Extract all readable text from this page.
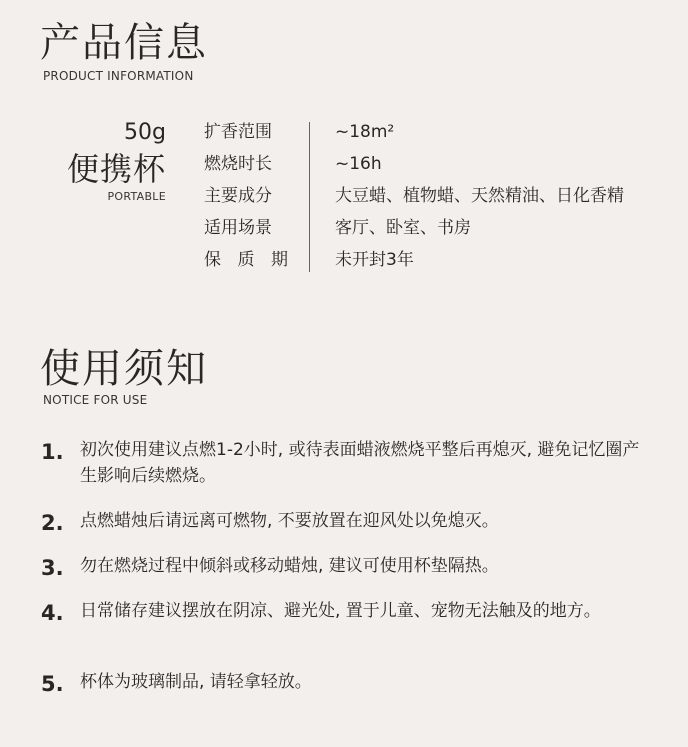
产品信息
PRODUCT INFORMATION
50g
便携杯
PORTABLE
扩香范围	~18m²
燃烧时长	~16h
主要成分	大豆蜡、植物蜡、天然精油、日化香精
适用场景	客厅、卧室、书房
保质期	未开封3年
使用须知
NOTICE FOR USE
1. 初次使用建议点燃1-2小时, 或待表面蜡液燃烧平整后再熄灭, 避免记忆圈产生影响后续燃烧。
2. 点燃蜡烛后请远离可燃物, 不要放置在迎风处以免熄灭。
3. 勿在燃烧过程中倾斜或移动蜡烛, 建议可使用杯垫隔热。
4. 日常储存建议摆放在阴凉、避光处, 置于儿童、宠物无法触及的地方。
5. 杯体为玻璃制品, 请轻拿轻放。
